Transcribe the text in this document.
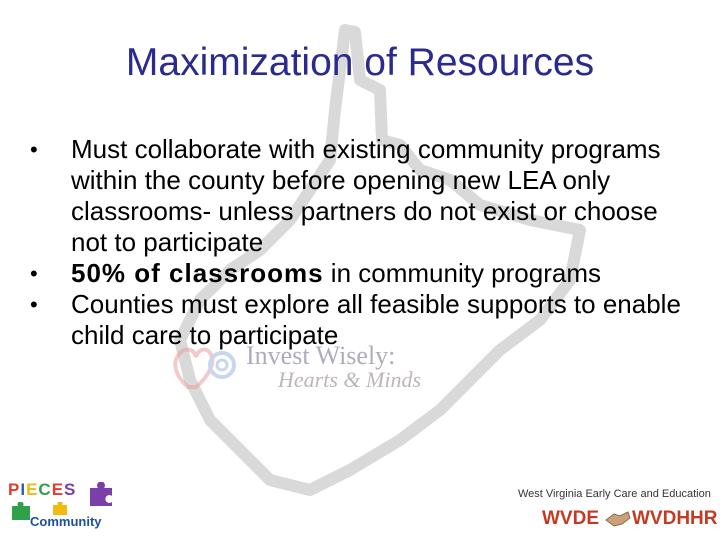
Maximization of Resources
•	Must collaborate with existing community programs within the county before opening new LEA only classrooms- unless partners do not exist or choose not to participate
•	50% of classrooms in community programs
•	Counties must explore all feasible supports to enable child care to participate
Invest Wisely:
Hearts & Minds
PIECES
Community
West Virginia Early Care and Education
WVDE WVDHHR
